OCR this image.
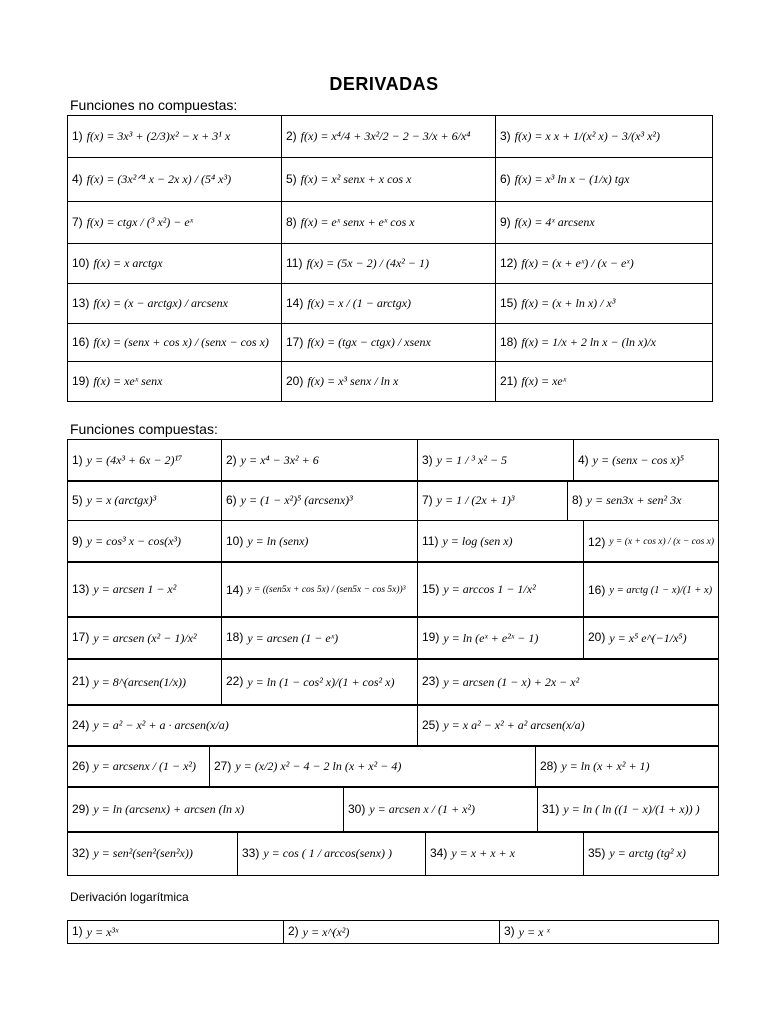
DERIVADAS
Funciones no compuestas:
1) f(x) = 3x³ + (2/3)x² − x + 3¹ x	2) f(x) = x⁴/4 + 3x²/2 − 2 − 3/x + 6/x⁴	3) f(x) = x x + 1/(x² x) − 3/(x³ x²)
4) f(x) = (3x²ᐟ⁴ x − 2x x) / (5⁴ x³)	5) f(x) = x² senx + x cos x	6) f(x) = x³ ln x − (1/x) tgx
7) f(x) = ctgx / (³ x²) − eˣ	8) f(x) = eˣ senx + eˣ cos x	9) f(x) = 4ˣ arcsenx
10) f(x) = x arctgx	11) f(x) = (5x − 2) / (4x² − 1)	12) f(x) = (x + eˣ) / (x − eˣ)
13) f(x) = (x − arctgx) / arcsenx	14) f(x) = x / (1 − arctgx)	15) f(x) = (x + ln x) / x³
16) f(x) = (senx + cos x) / (senx − cos x)	17) f(x) = (tgx − ctgx) / xsenx	18) f(x) = 1/x + 2 ln x − (ln x)/x
19) f(x) = xeˣ senx	20) f(x) = x³ senx / ln x	21) f(x) = xeˣ
Funciones compuestas:
1) y = (4x³ + 6x − 2)¹⁷	2) y = x⁴ − 3x² + 6	3) y = 1 / ³ x² − 5	4) y = (senx − cos x)⁵
5) y = x (arctgx)³	6) y = (1 − x²)⁵ (arcsenx)³	7) y = 1 / (2x + 1)³	8) y = sen3x + sen² 3x
9) y = cos³ x − cos(x³)	10) y = ln (senx)	11) y = log (sen x)	12) y = (x + cos x) / (x − cos x)
13) y = arcsen 1 − x²	14) y = ((sen5x + cos 5x) / (sen5x − cos 5x))³	15) y = arccos 1 − 1/x²	16) y = arctg (1 − x)/(1 + x)
17) y = arcsen (x² − 1)/x²	18) y = arcsen (1 − eˣ)	19) y = ln (eˣ + e²ˣ − 1)	20) y = x⁵ e^(−1/x⁵)
21) y = 8^(arcsen(1/x))	22) y = ln (1 − cos² x)/(1 + cos² x)	23) y = arcsen (1 − x) + 2x − x²
24) y = a² − x² + a · arcsen(x/a)	25) y = x a² − x² + a² arcsen(x/a)
26) y = arcsenx / (1 − x²)	27) y = (x/2) x² − 4 − 2 ln (x + x² − 4)	28) y = ln (x + x² + 1)
29) y = ln (arcsenx) + arcsen (ln x)	30) y = arcsen x / (1 + x²)	31) y = ln ( ln ((1 − x)/(1 + x)) )
32) y = sen²(sen²(sen²x))	33) y = cos ( 1 / arccos(senx) )	34) y = x + x + x	35) y = arctg (tg² x)
Derivación logarítmica
1) y = x³ˣ	2) y = x^(x²)	3) y = x ˣ
